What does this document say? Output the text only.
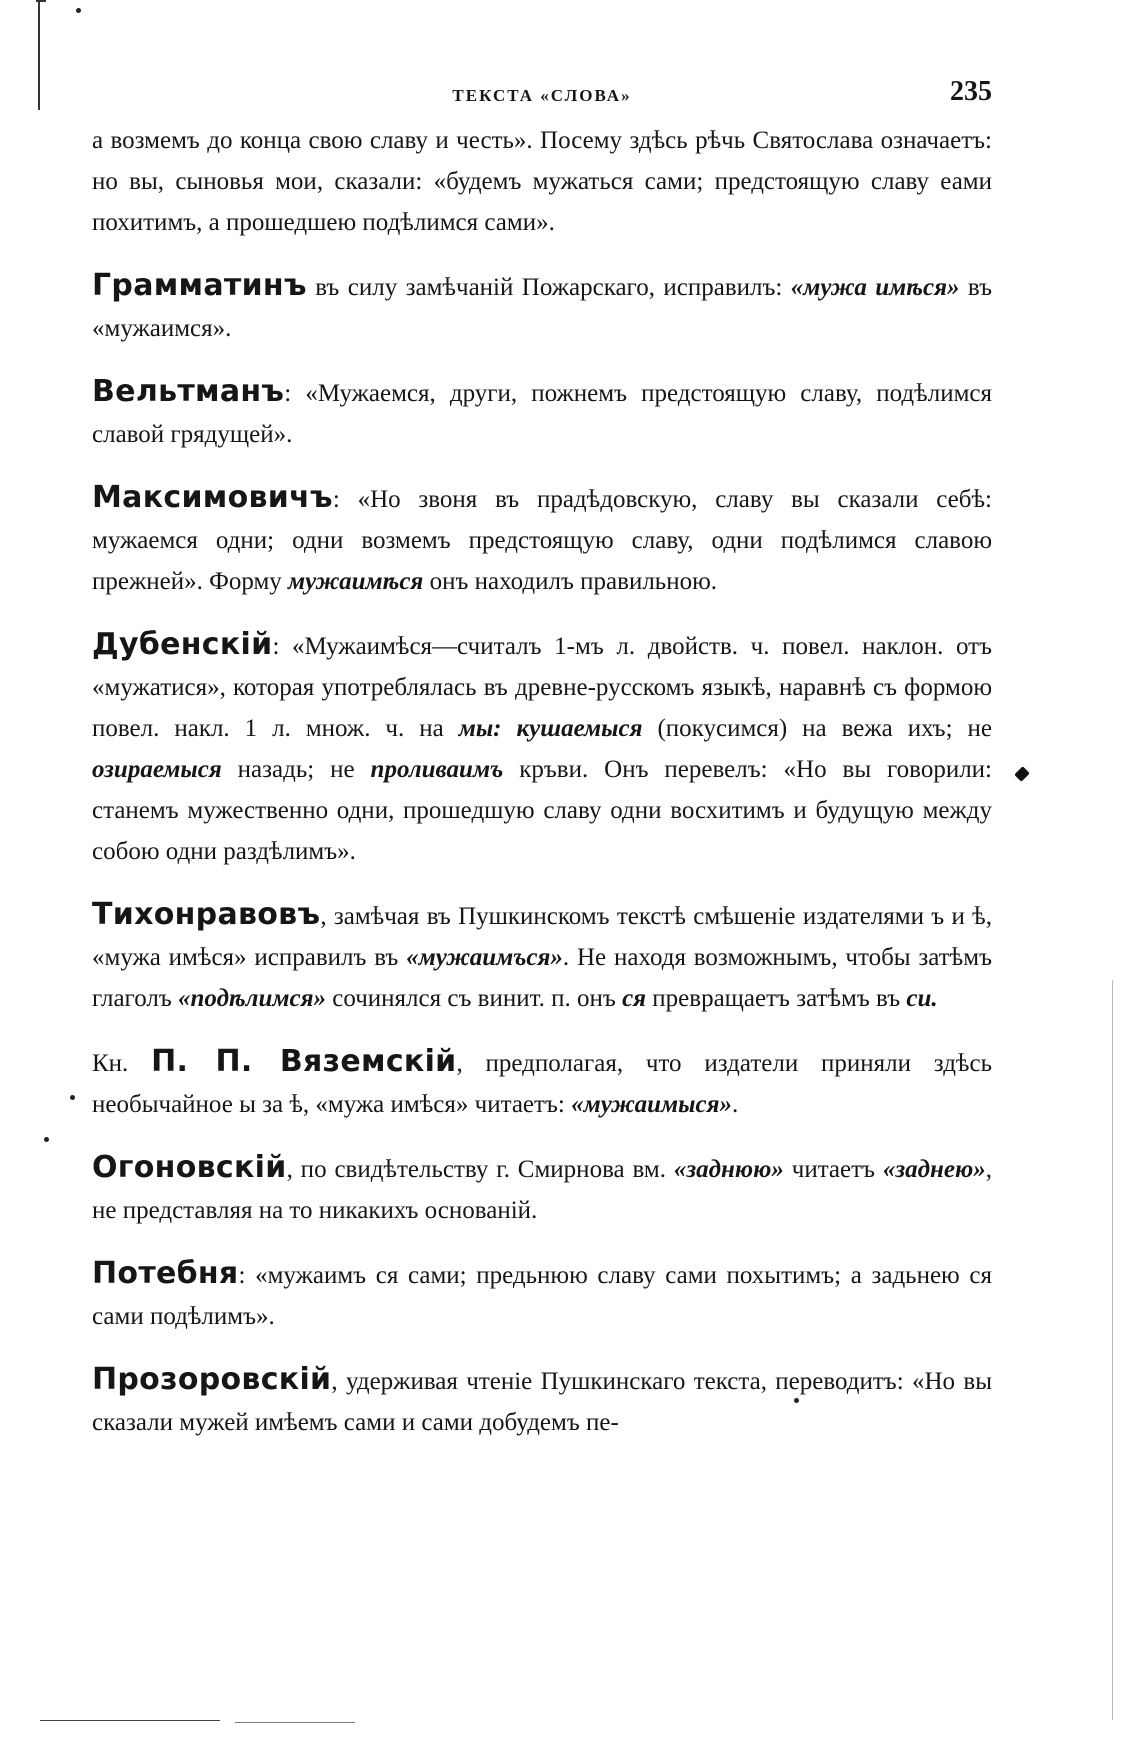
ТЕКСТА «СЛОВА»	235

а возмемъ до конца свою славу и честь». Посему здѣсь рѣчь Святослава означаетъ: но вы, сыновья мои, сказали: «будемъ мужаться сами; предстоящую славу еами похитимъ, а прошедшею подѣлимся сами».

Грамматинъ въ силу замѣчаній Пожарскаго, исправилъ: «мужа имѣся» въ «мужаимся».

Вельтманъ: «Мужаемся, други, пожнемъ предстоящую славу, подѣлимся славой грядущей».

Максимовичъ: «Но звоня въ прадѣдовскую, славу вы сказали себѣ: мужаемся одни; одни возмемъ предстоящую славу, одни подѣлимся славою прежней». Форму мужаимѣся онъ находилъ правильною.

Дубенскій: «Мужаимѣся—считалъ 1-мъ л. двойств. ч. повел. наклон. отъ «мужатися», которая употреблялась въ древне-русскомъ языкѣ, наравнѣ съ формою повел. накл. 1 л. множ. ч. на мы: кушаемыся (покусимся) на вежа ихъ; не озираемыся назадь; не проливаимъ кръви. Онъ перевелъ: «Но вы говорили: станемъ мужественно одни, прошедшую славу одни восхитимъ и будущую между собою одни раздѣлимъ».

Тихонравовъ, замѣчая въ Пушкинскомъ текстѣ смѣшеніе издателями ъ и ѣ, «мужа имѣся» исправилъ въ «мужаимъся». Не находя возможнымъ, чтобы затѣмъ глаголъ «подѣлимся» сочинялся съ винит. п. онъ ся превращаетъ затѣмъ въ си.

Кн. П. П. Вяземскій, предполагая, что издатели приняли здѣсь необычайное ы за ѣ, «мужа имѣся» читаетъ: «мужаимыся».

Огоновскій, по свидѣтельству г. Смирнова вм. «заднюю» читаетъ «заднею», не представляя на то никакихъ основаній.

Потебня: «мужаимъ ся сами; предьнюю славу сами похытимъ; а задьнею ся сами подѣлимъ».

Прозоровскій, удерживая чтеніе Пушкинскаго текста, переводитъ: «Но вы сказали мужей имѣемъ сами и сами добудемъ пе-
